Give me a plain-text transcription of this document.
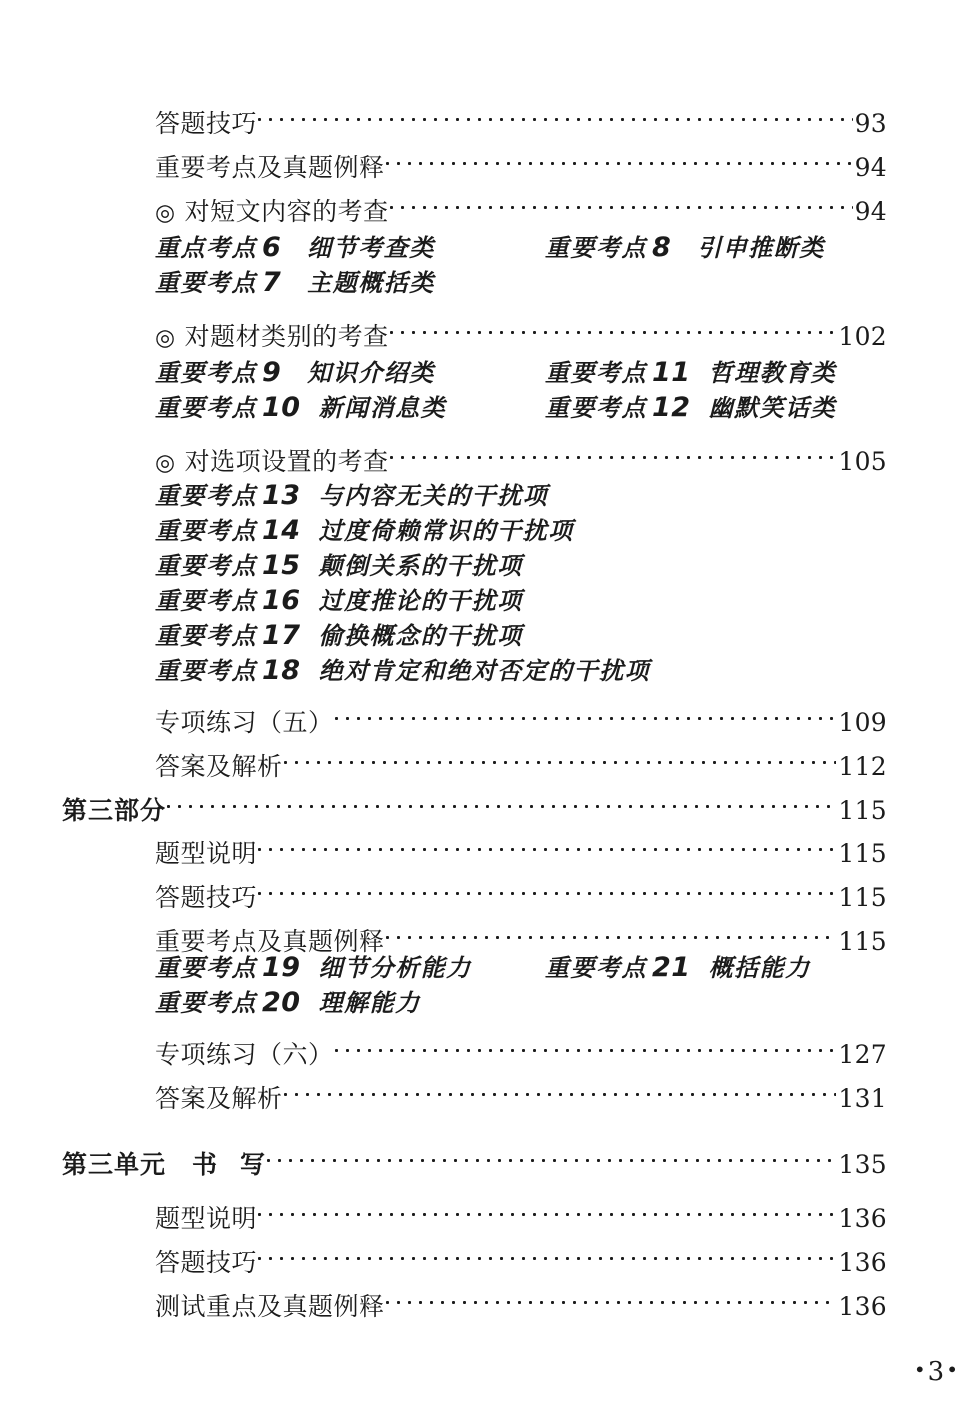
答题技巧	93
重要考点及真题例释	94
◎ 对短文内容的考查	94
重点考点 6 细节考查类	重要考点 8 引申推断类
重要考点 7 主题概括类
◎ 对题材类别的考查	102
重要考点 9 知识介绍类	重要考点 11 哲理教育类
重要考点 10 新闻消息类	重要考点 12 幽默笑话类
◎ 对选项设置的考查	105
重要考点 13 与内容无关的干扰项
重要考点 14 过度倚赖常识的干扰项
重要考点 15 颠倒关系的干扰项
重要考点 16 过度推论的干扰项
重要考点 17 偷换概念的干扰项
重要考点 18 绝对肯定和绝对否定的干扰项
专项练习（五）	109
答案及解析	112
第三部分	115
题型说明	115
答题技巧	115
重要考点及真题例释	115
重要考点 19 细节分析能力	重要考点 21 概括能力
重要考点 20 理解能力
专项练习（六）	127
答案及解析	131
第三单元 书 写	135
题型说明	136
答题技巧	136
测试重点及真题例释	136
•3•
